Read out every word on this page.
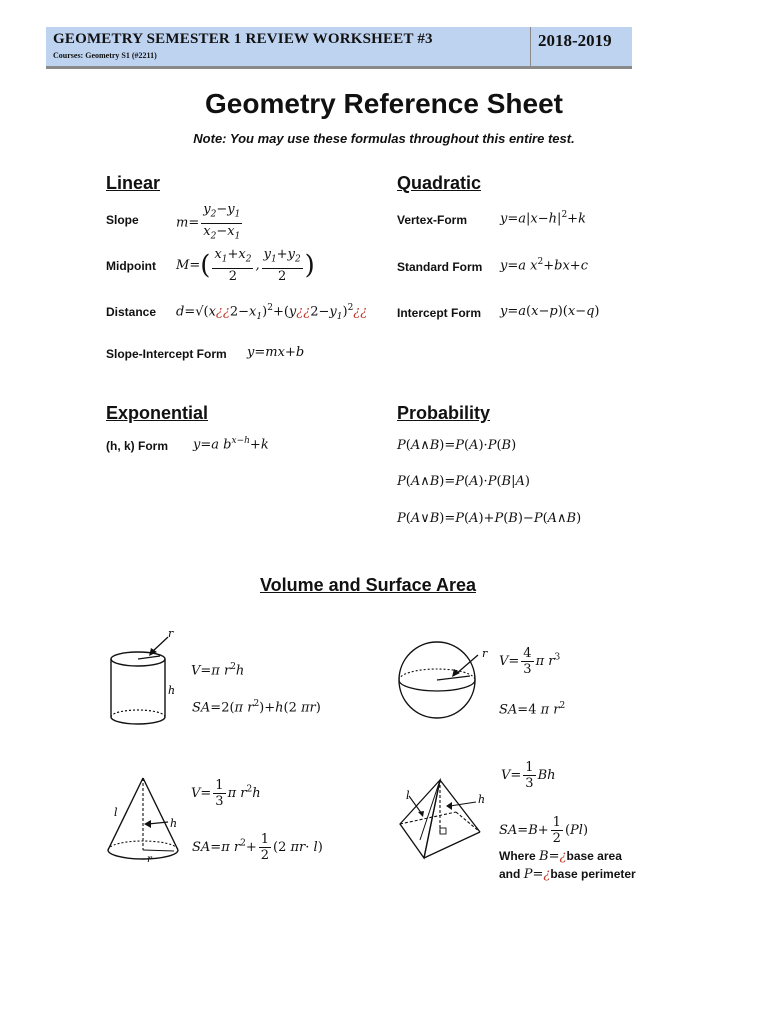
GEOMETRY SEMESTER 1 REVIEW WORKSHEET #3
Courses: Geometry S1 (#2211)
2018-2019
Geometry Reference Sheet
Note: You may use these formulas throughout this entire test.
Linear
Slope	$m= \frac{y_2-y_1}{x_2-x_1}$
Midpoint $M=( \frac{x_1+x_2}{2}$ , $\frac{y_1+y_2}{2}$ )
Distance $d=√(x¿¿2-x_1)^2+(y¿¿2-y_1)^2¿¿$
Slope-Intercept Form y=mx+b
Quadratic
Vertex-Form	$y=a|x-h|^2+k$
Standard Form y=a $x^2+bx+c$
Intercept Form y=a(x−p)(x−q)
Exponential
(h, k) Form y=a $b^{x-h}+k$
Probability
P(A∧B)=P(A)·P(B)
P(A∧B)=P(A)·P(B|A)
P(A∨B)=P(A)+P(B)−P(A∧B)
Volume and Surface Area
r
h
V=π $r^2h$
SA=2(π $r^2)+h(2$ πr)
r
$V= \frac{4}{3}$ π $r^3$
SA=4 π $r^2$
l
h
r
$V= \frac{1}{3}$ π $r^2h$
SA=π $r^2+ \frac{1}{2} (2$ πr· l)
l	h
$V= \frac{1}{3}$ Bh
$SA=B+ \frac{1}{2} (Pl)$
Where B=¿base area
and P=¿base perimeter
